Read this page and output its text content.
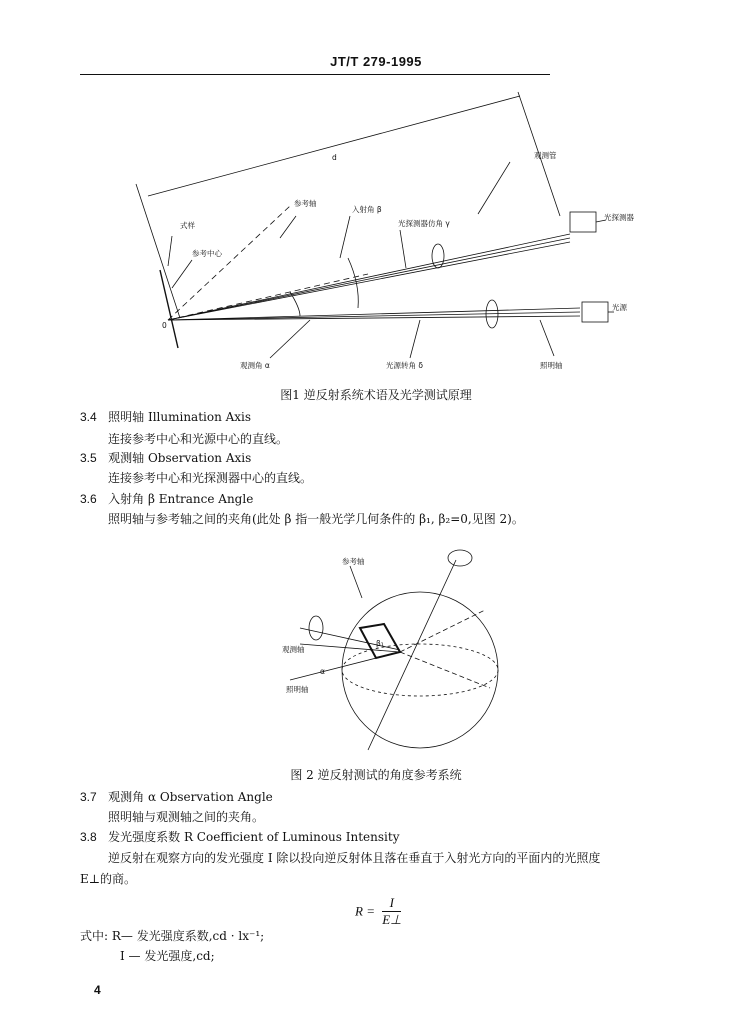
JT/T 279-1995
d	观测管
光探测器
式样
参考中心
参考轴
入射角 β
光探测器仿角 γ
0
光源
观测角 α	光源转角 δ	照明轴
图1 逆反射系统术语及光学测试原理
3.4 照明轴 Illumination Axis
连接参考中心和光源中心的直线。
3.5 观测轴 Observation Axis
连接参考中心和光探测器中心的直线。
3.6 入射角 β Entrance Angle
照明轴与参考轴之间的夹角(此处 β 指一般光学几何条件的 β₁, β₂=0,见图 2)。
参考轴
观测轴
照明轴
β₁
α
图 2 逆反射测试的角度参考系统
3.7 观测角 α Observation Angle
照明轴与观测轴之间的夹角。
3.8 发光强度系数 R Coefficient of Luminous Intensity
逆反射在观察方向的发光强度 I 除以投向逆反射体且落在垂直于入射光方向的平面内的光照度
E⊥的商。
$R = \frac{I}{E\perp}$
式中: R— 发光强度系数,cd · lx⁻¹;
I — 发光强度,cd;
4
